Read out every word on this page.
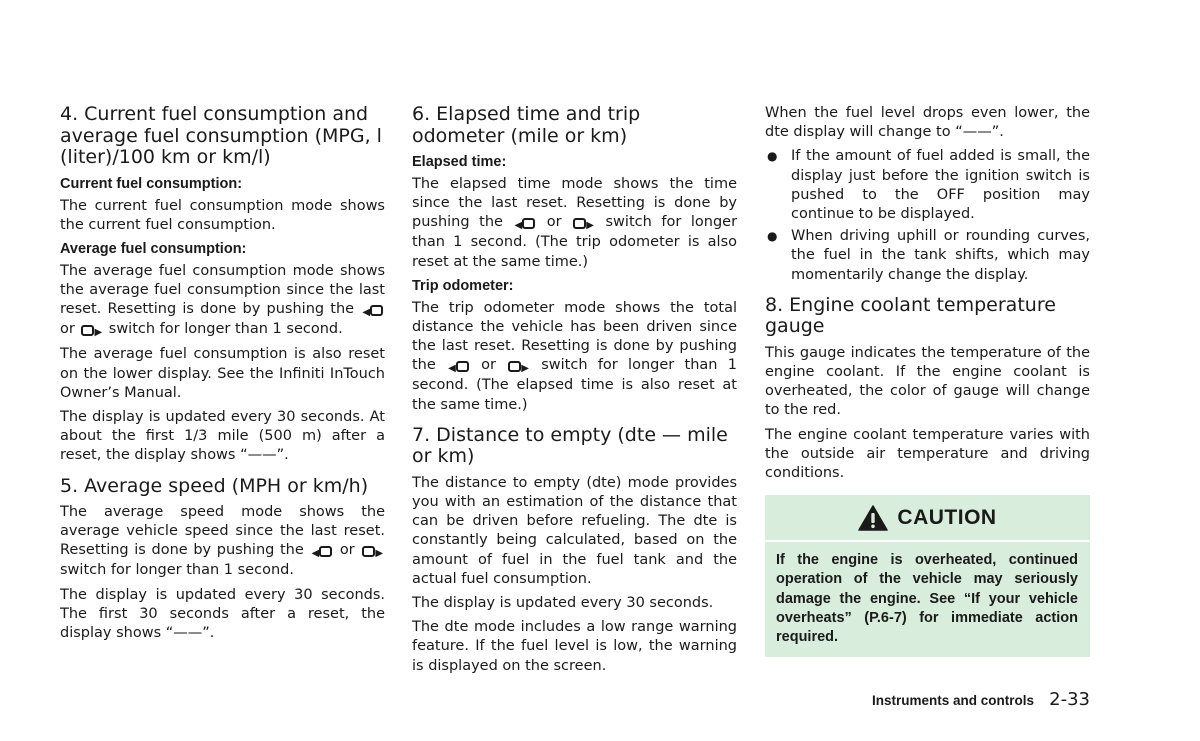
4. Current fuel consumption and average fuel consumption (MPG, l (liter)/100 km or km/l)
Current fuel consumption:

The current fuel consumption mode shows the current fuel consumption.

Average fuel consumption:

The average fuel consumption mode shows the average fuel consumption since the last reset. Resetting is done by pushing the ◀ or ▶ switch for longer than 1 second.

The average fuel consumption is also reset on the lower display. See the Infiniti InTouch Owner’s Manual.

The display is updated every 30 seconds. At about the first 1/3 mile (500 m) after a reset, the display shows “——”.

5. Average speed (MPH or km/h)

The average speed mode shows the average vehicle speed since the last reset. Resetting is done by pushing the ◀ or ▶ switch for longer than 1 second.

The display is updated every 30 seconds. The first 30 seconds after a reset, the display shows “——”.

6. Elapsed time and trip odometer (mile or km)
Elapsed time:

The elapsed time mode shows the time since the last reset. Resetting is done by pushing the ◀ or ▶ switch for longer than 1 second. (The trip odometer is also reset at the same time.)

Trip odometer:

The trip odometer mode shows the total distance the vehicle has been driven since the last reset. Resetting is done by pushing the ◀ or	▶ switch for longer than 1 second. (The elapsed time is also reset at the same time.)

7. Distance to empty (dte — mile or km)

The distance to empty (dte) mode provides you with an estimation of the distance that can be driven before refueling. The dte is constantly being calculated, based on the amount of fuel in the fuel tank and the actual fuel consumption.

The display is updated every 30 seconds.

The dte mode includes a low range warning feature. If the fuel level is low, the warning is displayed on the screen.

When the fuel level drops even lower, the dte display will change to “——”.

● If the amount of fuel added is small, the display just before the ignition switch is pushed to the OFF position may continue to be displayed.
● When driving uphill or rounding curves, the fuel in the tank shifts, which may momentarily change the display.
8. Engine coolant temperature gauge

This gauge indicates the temperature of the engine coolant. If the engine coolant is overheated, the color of gauge will change to the red.

The engine coolant temperature varies with the outside air temperature and driving conditions.

CAUTION
If the engine is overheated, continued operation of the vehicle may seriously damage the engine. See “If your vehicle overheats” (P.6-7) for immediate action required.
Instruments and controls 2-33
